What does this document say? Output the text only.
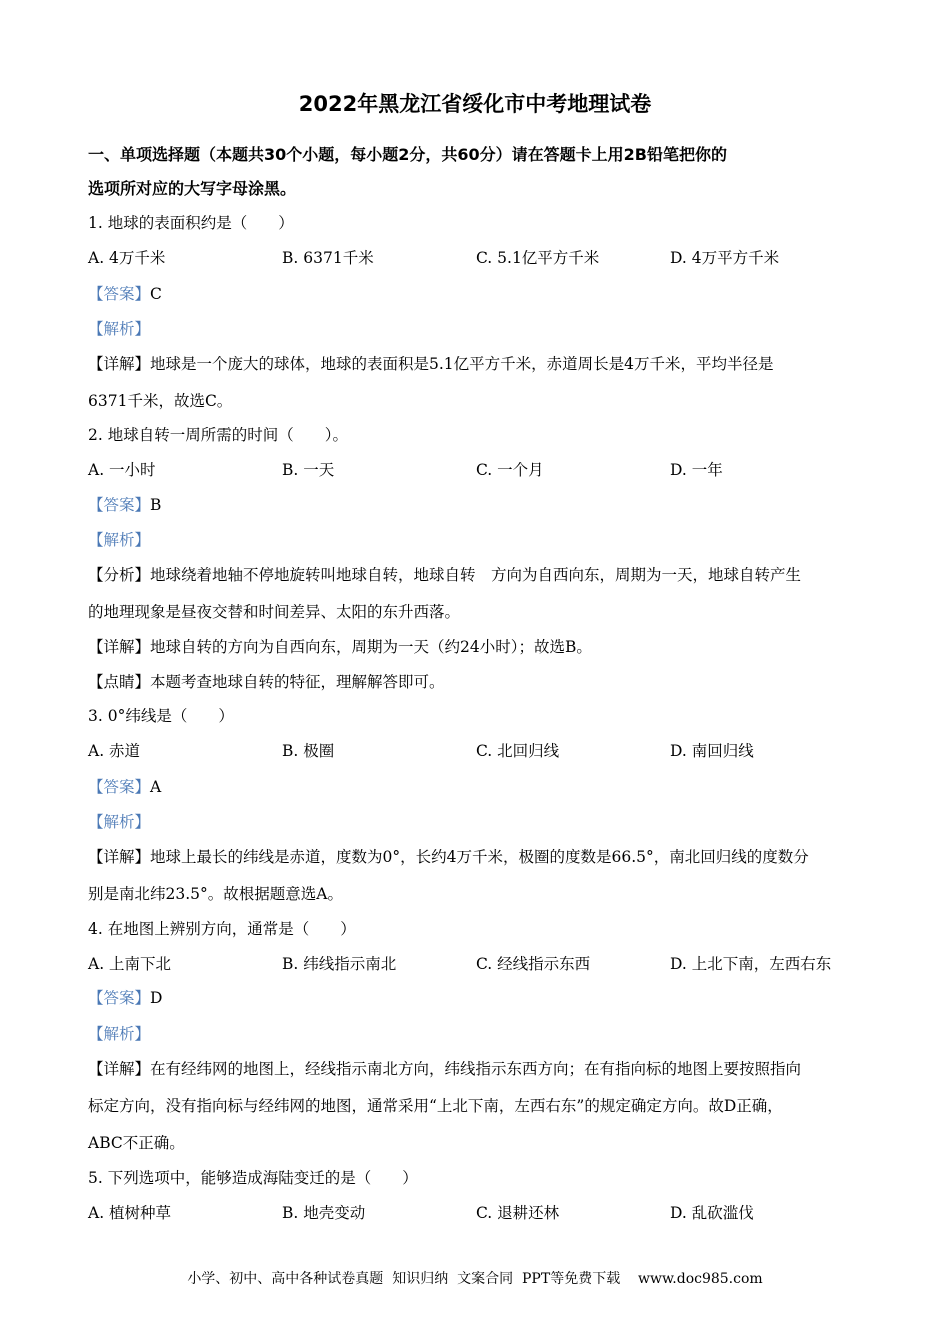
2022年黑龙江省绥化市中考地理试卷
一、单项选择题（本题共30个小题，每小题2分，共60分）请在答题卡上用2B铅笔把你的
选项所对应的大写字母涂黑。
1. 地球的表面积约是（　　）
A. 4万千米	B. 6371千米	C. 5.1亿平方千米	D. 4万平方千米
【答案】C
【解析】
【详解】地球是一个庞大的球体，地球的表面积是5.1亿平方千米，赤道周长是4万千米，平均半径是
6371千米，故选C。
2. 地球自转一周所需的时间（　　）。
A. 一小时	B. 一天	C. 一个月	D. 一年
【答案】B
【解析】
【分析】地球绕着地轴不停地旋转叫地球自转，地球自转　方向为自西向东，周期为一天，地球自转产生
的地理现象是昼夜交替和时间差异、太阳的东升西落。
【详解】地球自转的方向为自西向东，周期为一天（约24小时）；故选B。
【点睛】本题考查地球自转的特征，理解解答即可。
3. 0°纬线是（　　）
A. 赤道	B. 极圈	C. 北回归线	D. 南回归线
【答案】A
【解析】
【详解】地球上最长的纬线是赤道，度数为0°，长约4万千米，极圈的度数是66.5°，南北回归线的度数分
别是南北纬23.5°。故根据题意选A。
4. 在地图上辨别方向，通常是（　　）
A. 上南下北	B. 纬线指示南北	C. 经线指示东西	D. 上北下南，左西右东
【答案】D
【解析】
【详解】在有经纬网的地图上，经线指示南北方向，纬线指示东西方向；在有指向标的地图上要按照指向
标定方向，没有指向标与经纬网的地图，通常采用“上北下南，左西右东”的规定确定方向。故D正确，
ABC不正确。
5. 下列选项中，能够造成海陆变迁的是（　　）
A. 植树种草	B. 地壳变动	C. 退耕还林	D. 乱砍滥伐
小学、初中、高中各种试卷真题  知识归纳  文案合同  PPT等免费下载    www.doc985.com
